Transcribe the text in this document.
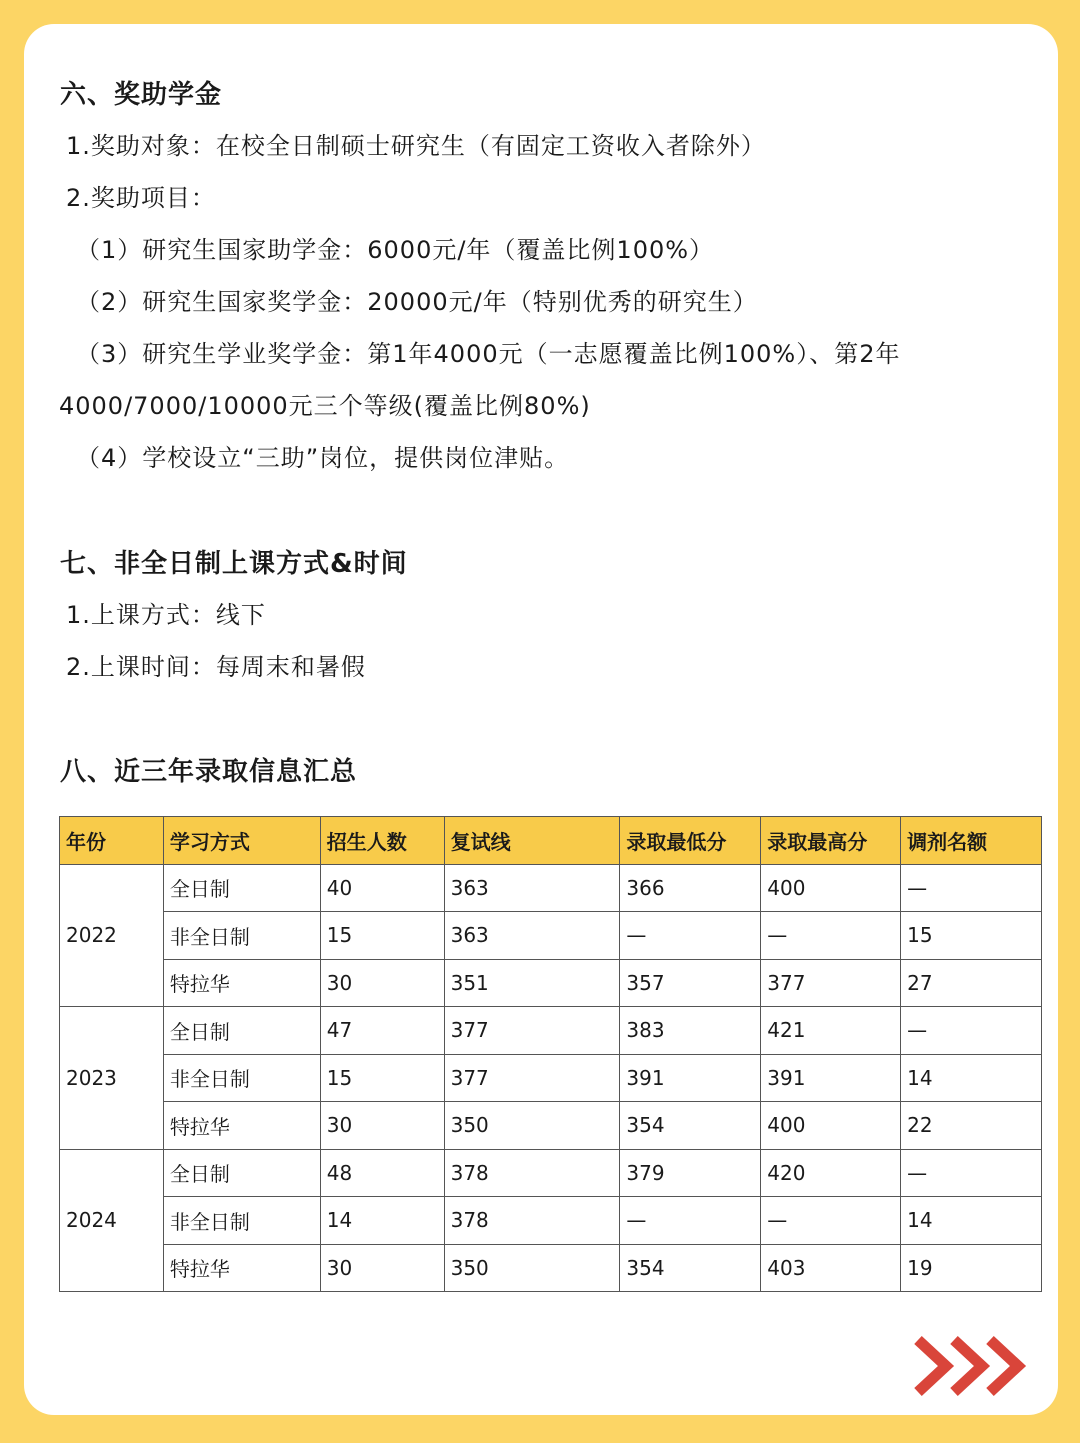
六、奖助学金
1.奖助对象：在校全日制硕士研究生（有固定工资收入者除外）
2.奖助项目：
（1）研究生国家助学金：6000元/年（覆盖比例100%）
（2）研究生国家奖学金：20000元/年（特别优秀的研究生）
（3）研究生学业奖学金：第1年4000元（一志愿覆盖比例100%）、第2年
4000/7000/10000元三个等级(覆盖比例80%)
（4）学校设立“三助”岗位，提供岗位津贴。
七、非全日制上课方式&时间
1.上课方式：线下
2.上课时间：每周末和暑假
八、近三年录取信息汇总
年份	学习方式	招生人数	复试线	录取最低分	录取最高分	调剂名额
2022	全日制	40	363	366	400	—
	非全日制	15	363	—	—	15
	特拉华	30	351	357	377	27
2023	全日制	47	377	383	421	—
	非全日制	15	377	391	391	14
	特拉华	30	350	354	400	22
2024	全日制	48	378	379	420	—
	非全日制	14	378	—	—	14
	特拉华	30	350	354	403	19
